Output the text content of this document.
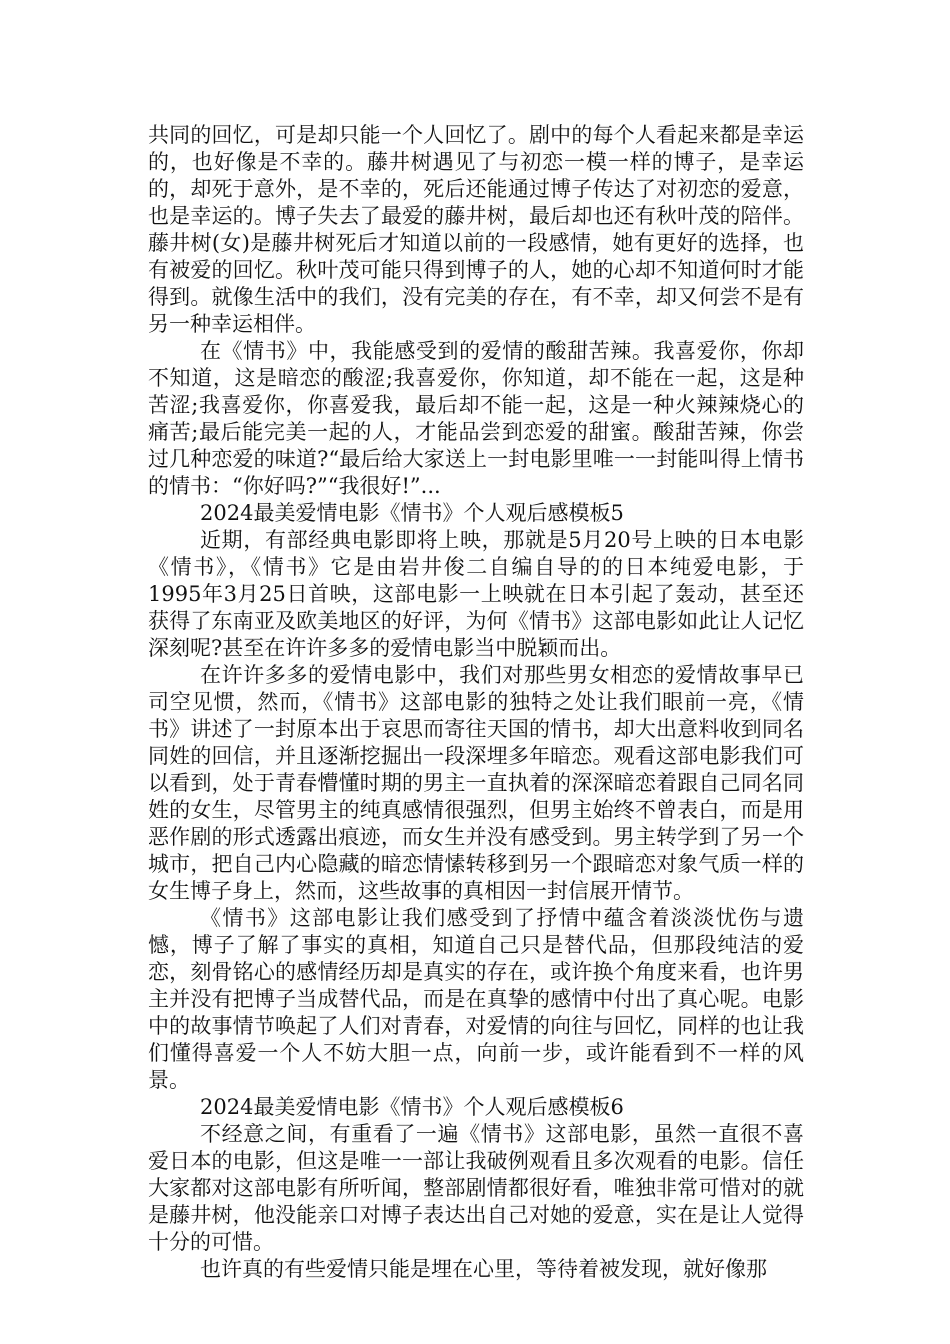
共同的回忆，可是却只能一个人回忆了。剧中的每个人看起来都是幸运的，也好像是不幸的。藤井树遇见了与初恋一模一样的博子，是幸运的，却死于意外，是不幸的，死后还能通过博子传达了对初恋的爱意，也是幸运的。博子失去了最爱的藤井树，最后却也还有秋叶茂的陪伴。藤井树(女)是藤井树死后才知道以前的一段感情，她有更好的选择，也有被爱的回忆。秋叶茂可能只得到博子的人，她的心却不知道何时才能得到。就像生活中的我们，没有完美的存在，有不幸，却又何尝不是有另一种幸运相伴。

在《情书》中，我能感受到的爱情的酸甜苦辣。我喜爱你，你却不知道，这是暗恋的酸涩;我喜爱你，你知道，却不能在一起，这是种苦涩;我喜爱你，你喜爱我，最后却不能一起，这是一种火辣辣烧心的痛苦;最后能完美一起的人，才能品尝到恋爱的甜蜜。酸甜苦辣，你尝过几种恋爱的味道?“最后给大家送上一封电影里唯一一封能叫得上情书的情书：“你好吗?”“我很好!”...

2024最美爱情电影《情书》个人观后感模板5

近期，有部经典电影即将上映，那就是5月20号上映的日本电影《情书》，《情书》它是由岩井俊二自编自导的的日本纯爱电影，于1995年3月25日首映，这部电影一上映就在日本引起了轰动，甚至还获得了东南亚及欧美地区的好评，为何《情书》这部电影如此让人记忆深刻呢?甚至在许许多多的爱情电影当中脱颖而出。

在许许多多的爱情电影中，我们对那些男女相恋的爱情故事早已司空见惯，然而，《情书》这部电影的独特之处让我们眼前一亮，《情书》讲述了一封原本出于哀思而寄往天国的情书，却大出意料收到同名同姓的回信，并且逐渐挖掘出一段深埋多年暗恋。观看这部电影我们可以看到，处于青春懵懂时期的男主一直执着的深深暗恋着跟自己同名同姓的女生，尽管男主的纯真感情很强烈，但男主始终不曾表白，而是用恶作剧的形式透露出痕迹，而女生并没有感受到。男主转学到了另一个城市，把自己内心隐藏的暗恋情愫转移到另一个跟暗恋对象气质一样的女生博子身上，然而，这些故事的真相因一封信展开情节。

《情书》这部电影让我们感受到了抒情中蕴含着淡淡忧伤与遗憾，博子了解了事实的真相，知道自己只是替代品，但那段纯洁的爱恋，刻骨铭心的感情经历却是真实的存在，或许换个角度来看，也许男主并没有把博子当成替代品，而是在真挚的感情中付出了真心呢。电影中的故事情节唤起了人们对青春，对爱情的向往与回忆，同样的也让我们懂得喜爱一个人不妨大胆一点，向前一步，或许能看到不一样的风景。

2024最美爱情电影《情书》个人观后感模板6

不经意之间，有重看了一遍《情书》这部电影，虽然一直很不喜爱日本的电影，但这是唯一一部让我破例观看且多次观看的电影。信任大家都对这部电影有所听闻，整部剧情都很好看，唯独非常可惜对的就是藤井树，他没能亲口对博子表达出自己对她的爱意，实在是让人觉得十分的可惜。

也许真的有些爱情只能是埋在心里，等待着被发现，就好像那
